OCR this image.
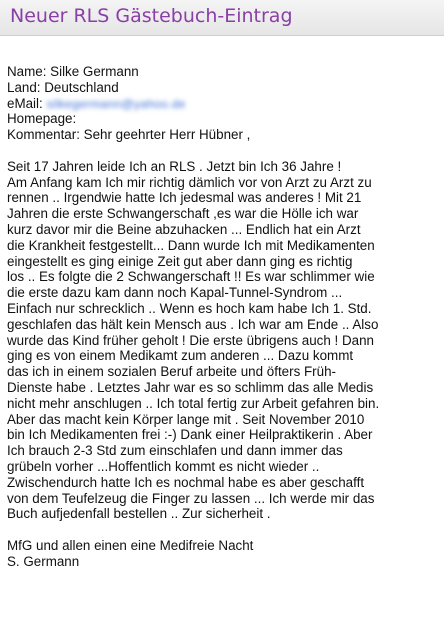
Neuer RLS Gästebuch-Eintrag
Name: Silke Germann
Land: Deutschland
eMail: silkegermann@yahoo.de
Homepage:
Kommentar: Sehr geehrter Herr Hübner ,
Seit 17 Jahren leide Ich an RLS . Jetzt bin Ich 36 Jahre !
Am Anfang kam Ich mir richtig dämlich vor von Arzt zu Arzt zu
rennen .. Irgendwie hatte Ich jedesmal was anderes ! Mit 21
Jahren die erste Schwangerschaft ,es war die Hölle ich war
kurz davor mir die Beine abzuhacken ... Endlich hat ein Arzt
die Krankheit festgestellt... Dann wurde Ich mit Medikamenten
eingestellt es ging einige Zeit gut aber dann ging es richtig
los .. Es folgte die 2 Schwangerschaft !! Es war schlimmer wie
die erste dazu kam dann noch Kapal-Tunnel-Syndrom ...
Einfach nur schrecklich .. Wenn es hoch kam habe Ich 1. Std.
geschlafen das hält kein Mensch aus . Ich war am Ende .. Also
wurde das Kind früher geholt ! Die erste übrigens auch ! Dann
ging es von einem Medikamt zum anderen ... Dazu kommt
das ich in einem sozialen Beruf arbeite und öfters Früh-
Dienste habe . Letztes Jahr war es so schlimm das alle Medis
nicht mehr anschlugen .. Ich total fertig zur Arbeit gefahren bin.
Aber das macht kein Körper lange mit . Seit November 2010
bin Ich Medikamenten frei :-) Dank einer Heilpraktikerin . Aber
Ich brauch 2-3 Std zum einschlafen und dann immer das
grübeln vorher ...Hoffentlich kommt es nicht wieder ..
Zwischendurch hatte Ich es nochmal habe es aber geschafft
von dem Teufelzeug die Finger zu lassen ... Ich werde mir das
Buch aufjedenfall bestellen .. Zur sicherheit .
MfG und allen einen eine Medifreie Nacht
S. Germann
